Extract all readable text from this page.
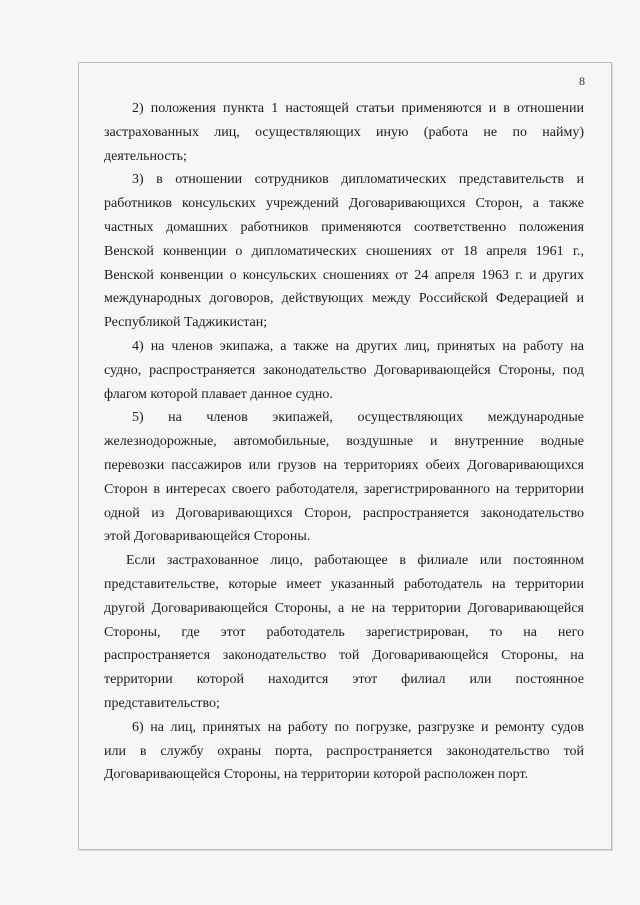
8
2) положения пункта 1 настоящей статьи применяются и в отношении
застрахованных лиц, осуществляющих иную (работа не по найму)
деятельность;
3) в отношении сотрудников дипломатических представительств и
работников консульских учреждений Договаривающихся Сторон, а также
частных домашних работников применяются соответственно положения
Венской конвенции о дипломатических сношениях от 18 апреля 1961 г.,
Венской конвенции о консульских сношениях от 24 апреля 1963 г. и других
международных договоров, действующих между Российской Федерацией и
Республикой Таджикистан;
4) на членов экипажа, а также на других лиц, принятых на работу на
судно, распространяется законодательство Договаривающейся Стороны, под
флагом которой плавает данное судно.
5) на членов экипажей, осуществляющих международные
железнодорожные, автомобильные, воздушные и внутренние водные
перевозки пассажиров или грузов на территориях обеих Договаривающихся
Сторон в интересах своего работодателя, зарегистрированного на территории
одной из Договаривающихся Сторон, распространяется законодательство
этой Договаривающейся Стороны.
Если застрахованное лицо, работающее в филиале или постоянном
представительстве, которые имеет указанный работодатель на территории
другой Договаривающейся Стороны, а не на территории Договаривающейся
Стороны, где этот работодатель зарегистрирован, то на него
распространяется законодательство той Договаривающейся Стороны, на
территории которой находится этот филиал или постоянное
представительство;
6) на лиц, принятых на работу по погрузке, разгрузке и ремонту судов
или в службу охраны порта, распространяется законодательство той
Договаривающейся Стороны, на территории которой расположен порт.
